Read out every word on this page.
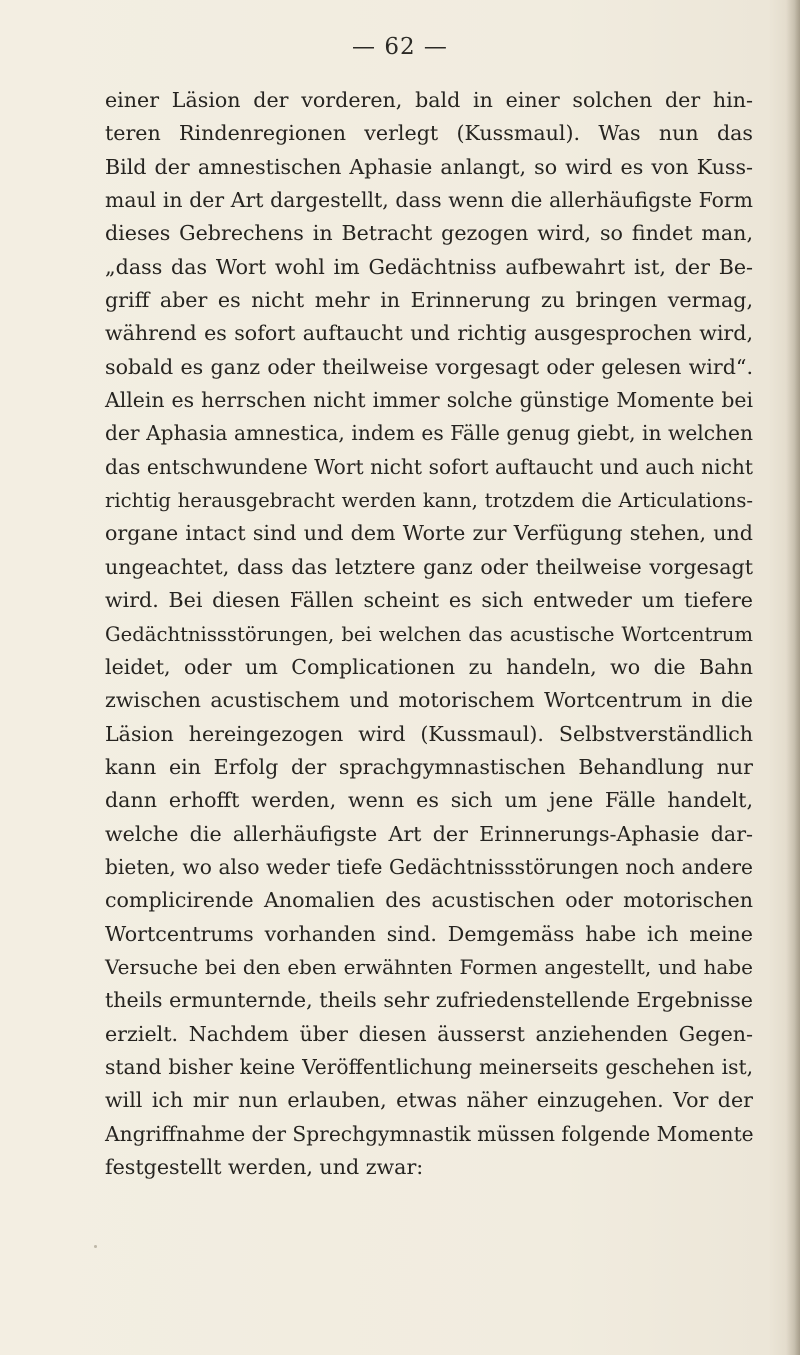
— 62 —
einer Läsion der vorderen, bald in einer solchen der hin-
teren Rindenregionen verlegt (Kussmaul). Was nun das
Bild der amnestischen Aphasie anlangt, so wird es von Kuss-
maul in der Art dargestellt, dass wenn die allerhäufigste Form
dieses Gebrechens in Betracht gezogen wird, so findet man,
„dass das Wort wohl im Gedächtniss aufbewahrt ist, der Be-
griff aber es nicht mehr in Erinnerung zu bringen vermag,
während es sofort auftaucht und richtig ausgesprochen wird,
sobald es ganz oder theilweise vorgesagt oder gelesen wird“.
Allein es herrschen nicht immer solche günstige Momente bei
der Aphasia amnestica, indem es Fälle genug giebt, in welchen
das entschwundene Wort nicht sofort auftaucht und auch nicht
richtig herausgebracht werden kann, trotzdem die Articulations-
organe intact sind und dem Worte zur Verfügung stehen, und
ungeachtet, dass das letztere ganz oder theilweise vorgesagt
wird. Bei diesen Fällen scheint es sich entweder um tiefere
Gedächtnissstörungen, bei welchen das acustische Wortcentrum
leidet, oder um Complicationen zu handeln, wo die Bahn
zwischen acustischem und motorischem Wortcentrum in die
Läsion hereingezogen wird (Kussmaul). Selbstverständlich
kann ein Erfolg der sprachgymnastischen Behandlung nur
dann erhofft werden, wenn es sich um jene Fälle handelt,
welche die allerhäufigste Art der Erinnerungs-Aphasie dar-
bieten, wo also weder tiefe Gedächtnissstörungen noch andere
complicirende Anomalien des acustischen oder motorischen
Wortcentrums vorhanden sind. Demgemäss habe ich meine
Versuche bei den eben erwähnten Formen angestellt, und habe
theils ermunternde, theils sehr zufriedenstellende Ergebnisse
erzielt. Nachdem über diesen äusserst anziehenden Gegen-
stand bisher keine Veröffentlichung meinerseits geschehen ist,
will ich mir nun erlauben, etwas näher einzugehen. Vor der
Angriffnahme der Sprechgymnastik müssen folgende Momente
festgestellt werden, und zwar:
